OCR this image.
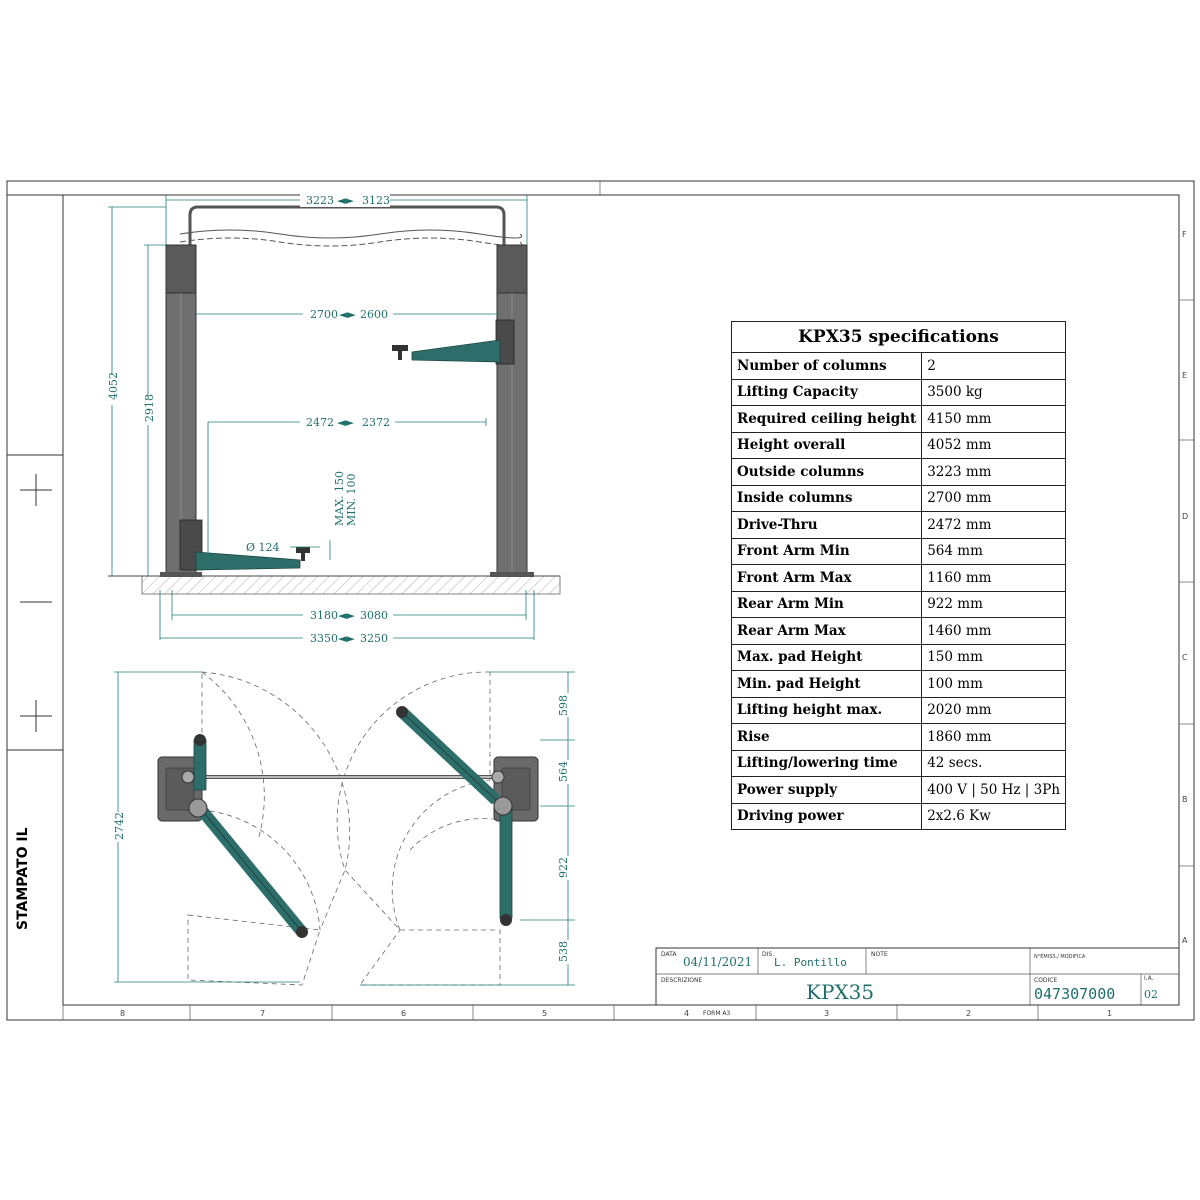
STAMPATO IL
8	7	6	5	4 FORM A3	3	2	1
F
E
D
C
B
A
3223 ◄► 3123
2700 ◄► 2600
2472 ◄► 2372
4052
2918
MAX. 150 MIN. 100
Ø 124
3180 ◄► 3080
3350 ◄► 3250
2742
598
564
922
538
KPX35 specifications	
Number of columns	2
Lifting Capacity	3500 kg
Required ceiling height	4150 mm
Height overall	4052 mm
Outside columns	3223 mm
Inside columns	2700 mm
Drive-Thru	2472 mm
Front Arm Min	564 mm
Front Arm Max	1160 mm
Rear Arm Min	922 mm
Rear Arm Max	1460 mm
Max. pad Height	150 mm
Min. pad Height	100 mm
Lifting height max.	2020 mm
Rise	1860 mm
Lifting/lowering time	42 secs.
Power supply	400 V | 50 Hz | 3Ph
Driving power	2x2.6 Kw
DATA
04/11/2021
DIS.
L. Pontillo
NOTE	N°EMISS./ MODIFICA
DESCRIZIONE	KPX35	CODICE
047307000
I.A.
02
